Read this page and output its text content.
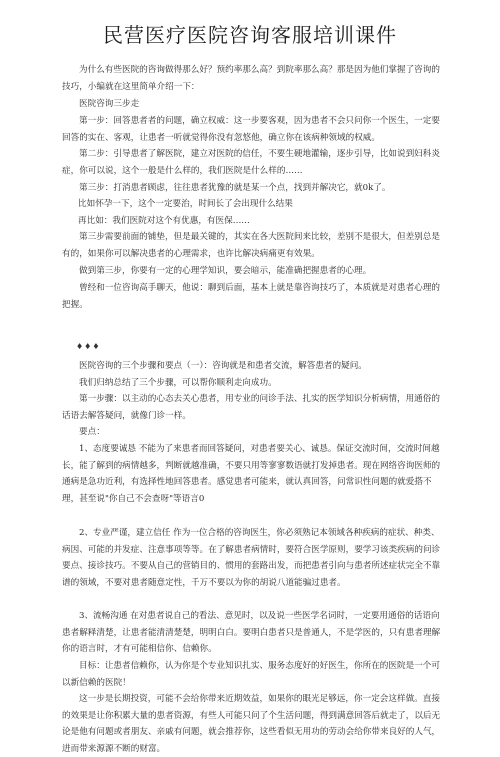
民营医疗医院咨询客服培训课件

为什么有些医院的咨询做得那么好？预约率那么高？到院率那么高？那是因为他们掌握了咨询的技巧，小编就在这里简单介绍一下：

医院咨询三步走

第一步：回答患者者的问题，确立权威：这一步要客观，因为患者不会只问你一个医生，一定要回答的实在、客观，让患者一听就觉得你没有忽悠他，确立你在该病种领域的权威。

第二步：引导患者了解医院，建立对医院的信任，不要生硬地灌输，逐步引导，比如说到妇科炎症，你可以说，这个一般是什么样的，我们医院是什么样的……

第三步：打消患者顾虑，往往患者犹豫的就是某一个点，找到并解决它，就0k了。

比如怀孕一下，这个一定要治，时间长了会出现什么结果

再比如：我们医院对这个有优惠，有医保……

第三步需要前面的铺垫，但是最关键的，其实在各大医院间来比较，差别不是很大，但差别总是有的，如果你可以解决患者的心理需求，也许比解决病痛更有效果。

做到第三步，你要有一定的心理学知识，要会暗示，能准确把握患者的心理。

曾经和一位咨询高手聊天，他说：聊到后面，基本上就是靠咨询技巧了，本质就是对患者心理的把握。

♦♦♦

医院咨询的三个步骤和要点（一）：咨询就是和患者交流，解答患者的疑问。

我们归纳总结了三个步骤，可以帮你顺利走向成功。

第一步骤：以主动的心态去关心患者，用专业的问诊手法、扎实的医学知识分析病情，用通俗的话语去解答疑问，就像门诊一样。

要点：

1、态度要诚恳 不能为了来患者而回答疑问，对患者要关心、诚恳。保证交流时间，交流时间越长，能了解到的病情越多，判断就越准确，不要只用等寥寥数语就打发掉患者。现在网络咨询医师的通病是急功近利，有选择性地回答患者。感觉患者可能来，就认真回答，问常识性问题的就爱搭不理，甚至说"你自己不会查呀"等语言0

2、专业严谨，建立信任 作为一位合格的咨询医生，你必须熟记本领域各种疾病的症状、种类、病因、可能的并发症、注意事项等等。在了解患者病情时，要符合医学原则，要学习该类疾病的问诊要点、接诊技巧。不要从自己的营销目的、惯用的套路出发，而把患者引向与患者所述症状完全不靠谱的领域，不要对患者随意定性，千万不要以为你的胡说八道能骗过患者。

3、流畅沟通 在对患者说自己的看法、意见时，以及说一些医学名词时，一定要用通俗的话语向患者解释清楚，让患者能清清楚楚，明明白白。要明白患者只是普通人，不是学医的，只有患者理解你的语言时，才有可能相信你、信赖你。

目标：让患者信赖你，认为你是个专业知识扎实、服务态度好的好医生，你所在的医院是一个可以新信赖的医院！

这一步是长期投资，可能不会给你带来近期效益，如果你的眼光足够远，你一定会这样做。直接的效果是让你积累大量的患者资源，有些人可能只问了个生活问题，得到满意回答后就走了，以后无论是他有问题或者朋友、亲戚有问题，就会推荐你，这些看似无用功的劳动会给你带来良好的人气，进而带来源源不断的财富。
